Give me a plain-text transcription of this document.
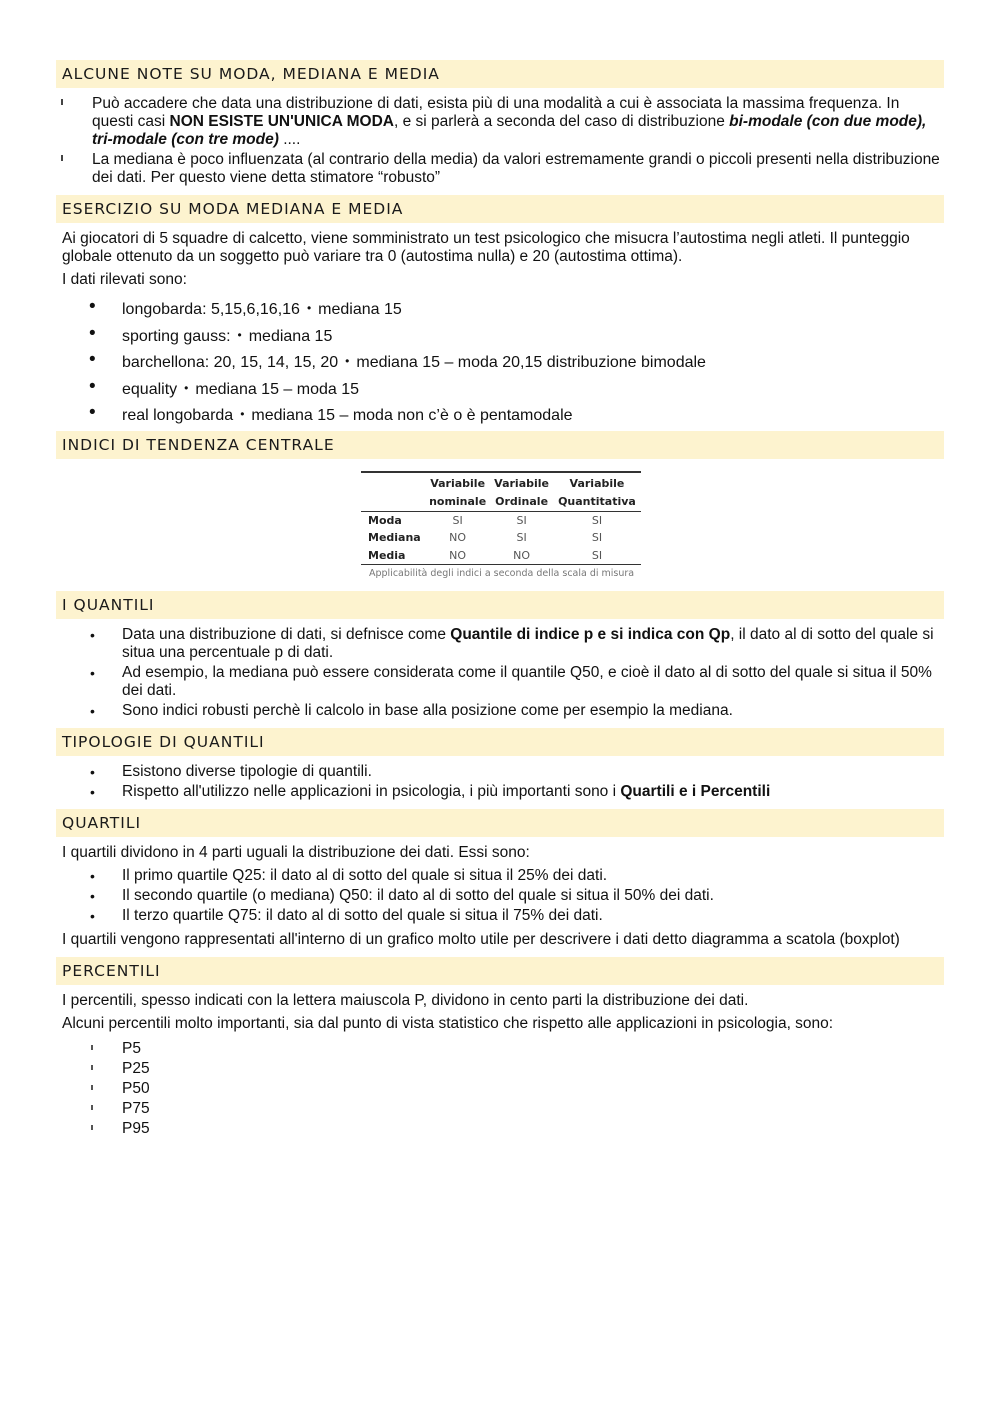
ALCUNE NOTE SU MODA, MEDIANA E MEDIA
Può accadere che data una distribuzione di dati, esista più di una modalità a cui è associata la massima frequenza. In questi casi NON ESISTE UN'UNICA MODA, e si parlerà a seconda del caso di distribuzione bi-modale (con due mode), tri-modale (con tre mode) ....
La mediana è poco influenzata (al contrario della media) da valori estremamente grandi o piccoli presenti nella distribuzione dei dati. Per questo viene detta stimatore “robusto”
ESERCIZIO SU MODA MEDIANA E MEDIA

Ai giocatori di 5 squadre di calcetto, viene somministrato un test psicologico che misucra l’autostima negli atleti. Il punteggio globale ottenuto da un soggetto può variare tra 0 (autostima nulla) e 20 (autostima ottima).

I dati rilevati sono:

• longobarda: 5,15,6,16,16 • mediana 15
• sporting gauss: • mediana 15
• barchellona: 20, 15, 14, 15, 20 • mediana 15 – moda 20,15 distribuzione bimodale
• equality • mediana 15 – moda 15
• real longobarda • mediana 15 – moda non c’è o è pentamodale
INDICI DI TENDENZA CENTRALE
	Variabile	Variabile	Variabile
	nominale	Ordinale	Quantitativa
Moda	SI	SI	SI
Mediana	NO	SI	SI
Media	NO	NO	SI
Applicabilità degli indici a seconda della scala di misura
I QUANTILI
• Data una distribuzione di dati, si defnisce come Quantile di indice p e si indica con Qp, il dato al di sotto del quale si situa una percentuale p di dati.
• Ad esempio, la mediana può essere considerata come il quantile Q50, e cioè il dato al di sotto del quale si situa il 50% dei dati.
• Sono indici robusti perchè li calcolo in base alla posizione come per esempio la mediana.
TIPOLOGIE DI QUANTILI
• Esistono diverse tipologie di quantili.
• Rispetto all'utilizzo nelle applicazioni in psicologia, i più importanti sono i Quartili e i Percentili
QUARTILI

I quartili dividono in 4 parti uguali la distribuzione dei dati. Essi sono:

• Il primo quartile Q25: il dato al di sotto del quale si situa il 25% dei dati.
• Il secondo quartile (o mediana) Q50: il dato al di sotto del quale si situa il 50% dei dati.
• Il terzo quartile Q75: il dato al di sotto del quale si situa il 75% dei dati.

I quartili vengono rappresentati all'interno di un grafico molto utile per descrivere i dati detto diagramma a scatola (boxplot)

PERCENTILI

I percentili, spesso indicati con la lettera maiuscola P, dividono in cento parti la distribuzione dei dati.

Alcuni percentili molto importanti, sia dal punto di vista statistico che rispetto alle applicazioni in psicologia, sono:

P5
P25
P50
P75
P95
